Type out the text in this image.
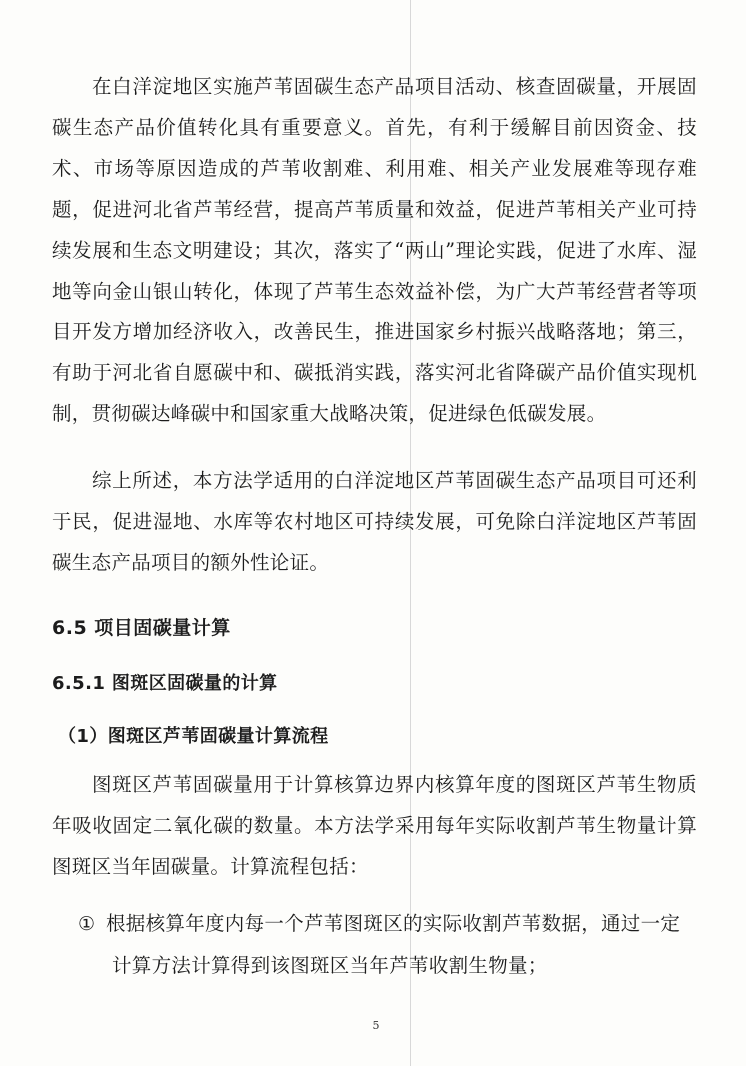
在白洋淀地区实施芦苇固碳生态产品项目活动、核查固碳量，开展固碳生态产品价值转化具有重要意义。首先，有利于缓解目前因资金、技术、市场等原因造成的芦苇收割难、利用难、相关产业发展难等现存难题，促进河北省芦苇经营，提高芦苇质量和效益，促进芦苇相关产业可持续发展和生态文明建设；其次，落实了“两山”理论实践，促进了水库、湿地等向金山银山转化，体现了芦苇生态效益补偿，为广大芦苇经营者等项目开发方增加经济收入，改善民生，推进国家乡村振兴战略落地；第三，有助于河北省自愿碳中和、碳抵消实践，落实河北省降碳产品价值实现机制，贯彻碳达峰碳中和国家重大战略决策，促进绿色低碳发展。

综上所述，本方法学适用的白洋淀地区芦苇固碳生态产品项目可还利于民，促进湿地、水库等农村地区可持续发展，可免除白洋淀地区芦苇固碳生态产品项目的额外性论证。

6.5 项目固碳量计算
6.5.1 图斑区固碳量的计算
（1）图斑区芦苇固碳量计算流程

图斑区芦苇固碳量用于计算核算边界内核算年度的图斑区芦苇生物质年吸收固定二氧化碳的数量。本方法学采用每年实际收割芦苇生物量计算图斑区当年固碳量。计算流程包括：

① 根据核算年度内每一个芦苇图斑区的实际收割芦苇数据，通过一定
计算方法计算得到该图斑区当年芦苇收割生物量；

5
